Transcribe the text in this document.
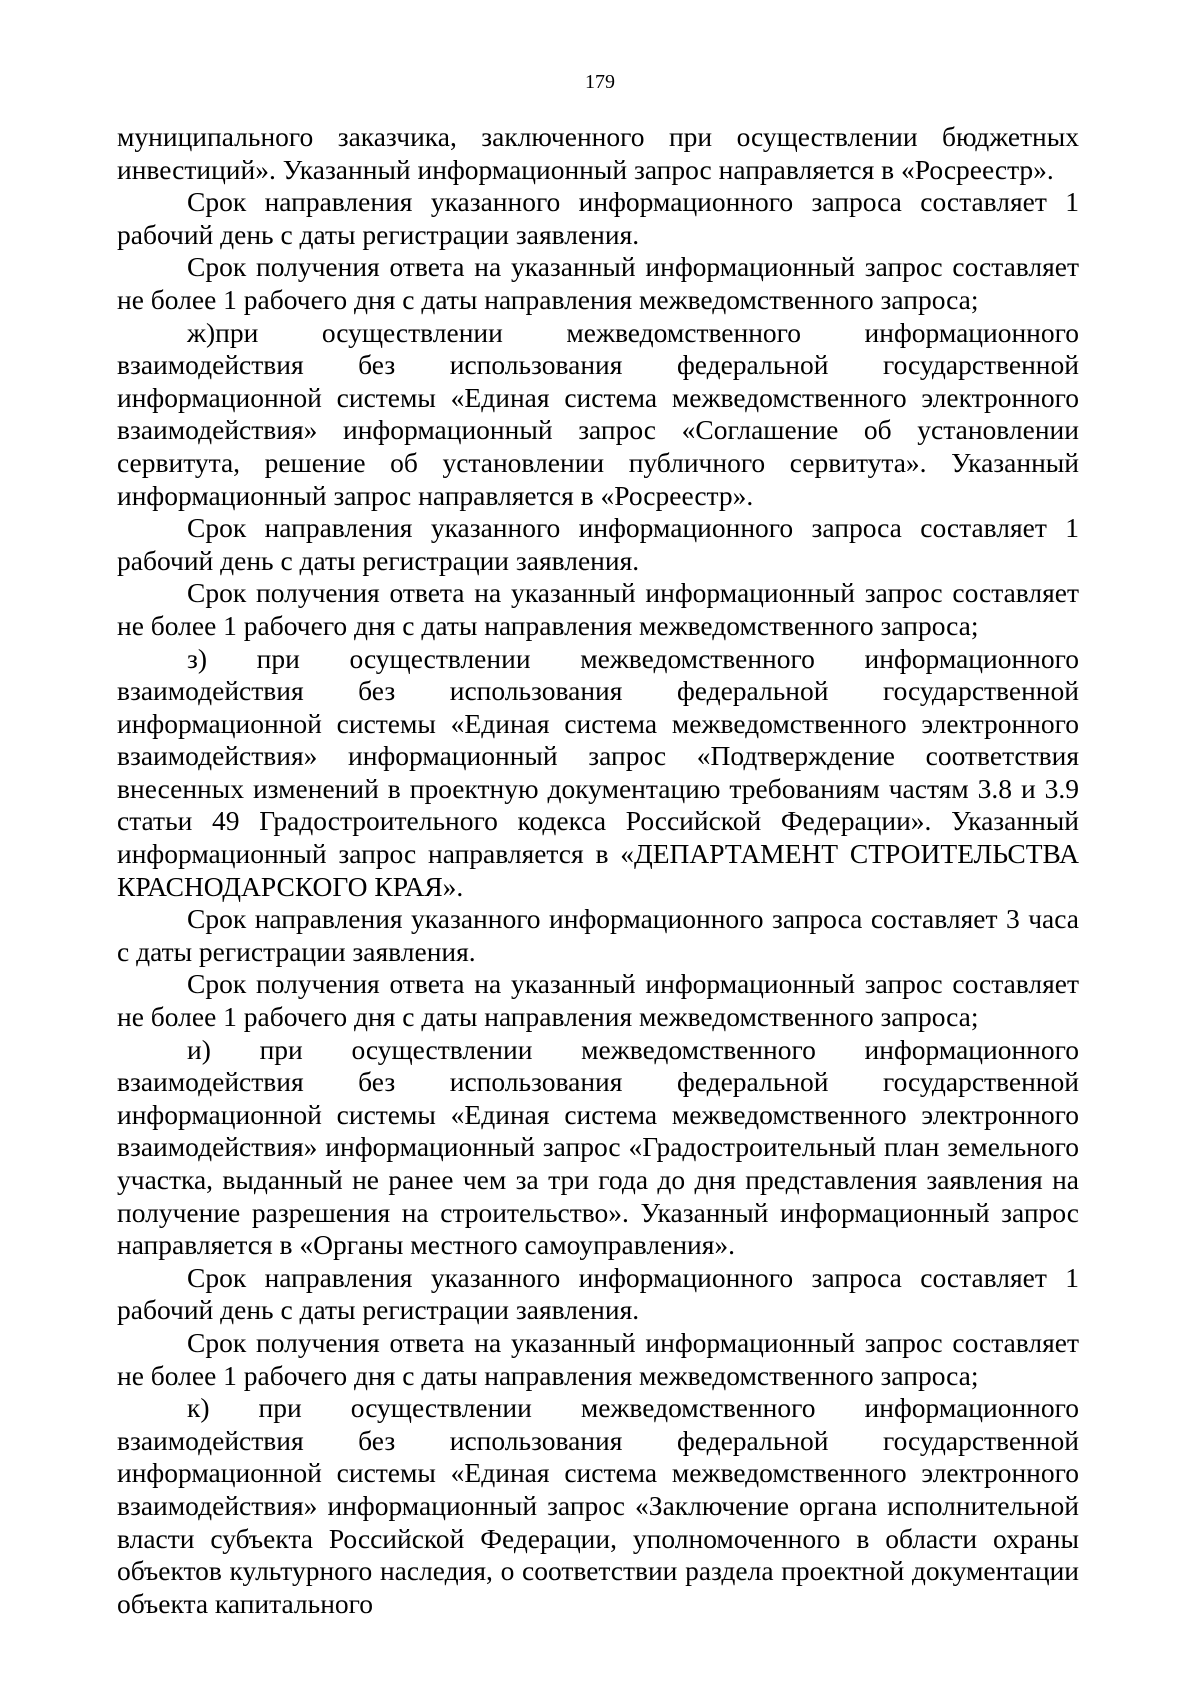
179

муниципального заказчика, заключенного при осуществлении бюджетных инвестиций». Указанный информационный запрос направляется в «Росреестр».

Срок направления указанного информационного запроса составляет 1 рабочий день с даты регистрации заявления.

Срок получения ответа на указанный информационный запрос составляет не более 1 рабочего дня с даты направления межведомственного запроса;

ж)при осуществлении межведомственного информационного взаимодействия без использования федеральной государственной информационной системы «Единая система межведомственного электронного взаимодействия» информационный запрос «Соглашение об установлении сервитута, решение об установлении публичного сервитута». Указанный информационный запрос направляется в «Росреестр».

Срок направления указанного информационного запроса составляет 1 рабочий день с даты регистрации заявления.

Срок получения ответа на указанный информационный запрос составляет не более 1 рабочего дня с даты направления межведомственного запроса;

з) при осуществлении межведомственного информационного взаимодействия без использования федеральной государственной информационной системы «Единая система межведомственного электронного взаимодействия» информационный запрос «Подтверждение соответствия внесенных изменений в проектную документацию требованиям частям 3.8 и 3.9 статьи 49 Градостроительного кодекса Российской Федерации». Указанный информационный запрос направляется в «ДЕПАРТАМЕНТ СТРОИТЕЛЬСТВА КРАСНОДАРСКОГО КРАЯ».

Срок направления указанного информационного запроса составляет 3 часа с даты регистрации заявления.

Срок получения ответа на указанный информационный запрос составляет не более 1 рабочего дня с даты направления межведомственного запроса;

и) при осуществлении межведомственного информационного взаимодействия без использования федеральной государственной информационной системы «Единая система межведомственного электронного взаимодействия» информационный запрос «Градостроительный план земельного участка, выданный не ранее чем за три года до дня представления заявления на получение разрешения на строительство». Указанный информационный запрос направляется в «Органы местного самоуправления».

Срок направления указанного информационного запроса составляет 1 рабочий день с даты регистрации заявления.

Срок получения ответа на указанный информационный запрос составляет не более 1 рабочего дня с даты направления межведомственного запроса;

к) при осуществлении межведомственного информационного взаимодействия без использования федеральной государственной информационной системы «Единая система межведомственного электронного взаимодействия» информационный запрос «Заключение органа исполнительной власти субъекта Российской Федерации, уполномоченного в области охраны объектов культурного наследия, о соответствии раздела проектной документации объекта капитального
